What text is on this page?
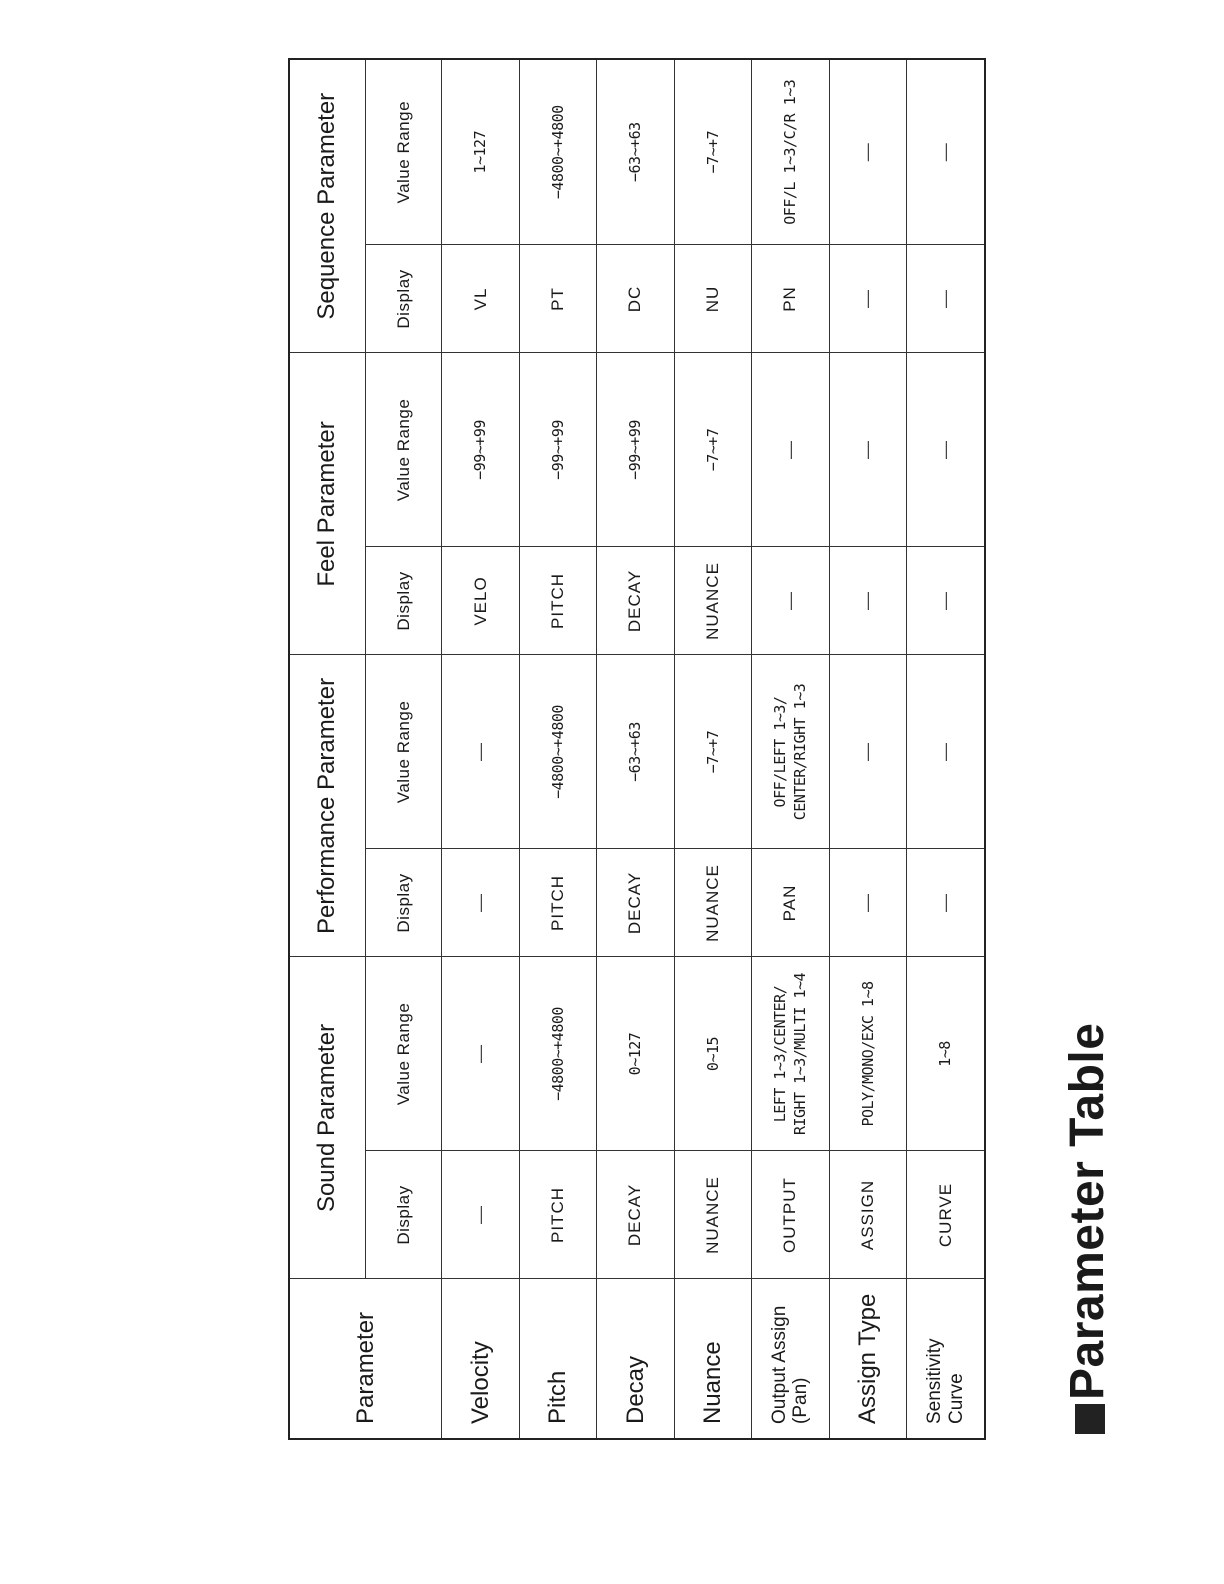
Parameter Table
Parameter	Sound Parameter		Performance Parameter		Feel Parameter		Sequence Parameter	
	Display	Value Range	Display	Value Range	Display	Value Range	Display	Value Range
Velocity	—	—	—	—	VELO	−99∼+99	VL	1∼127
Pitch	PITCH	−4800∼+4800	PITCH	−4800∼+4800	PITCH	−99∼+99	PT	−4800∼+4800
Decay	DECAY	0∼127	DECAY	−63∼+63	DECAY	−99∼+99	DC	−63∼+63
Nuance	NUANCE	0∼15	NUANCE	−7∼+7	NUANCE	−7∼+7	NU	−7∼+7
Output Assign (Pan)	OUTPUT	LEFT 1∼3/CENTER/ RIGHT 1∼3/MULTI 1∼4	PAN	OFF/LEFT 1∼3/ CENTER/RIGHT 1∼3	—	—	PN	OFF/L 1∼3/C/R 1∼3
Assign Type	ASSIGN	POLY/MONO/EXC 1∼8	—	—	—	—	—	—
Sensitivity Curve	CURVE	1∼8	—	—	—	—	—	—
